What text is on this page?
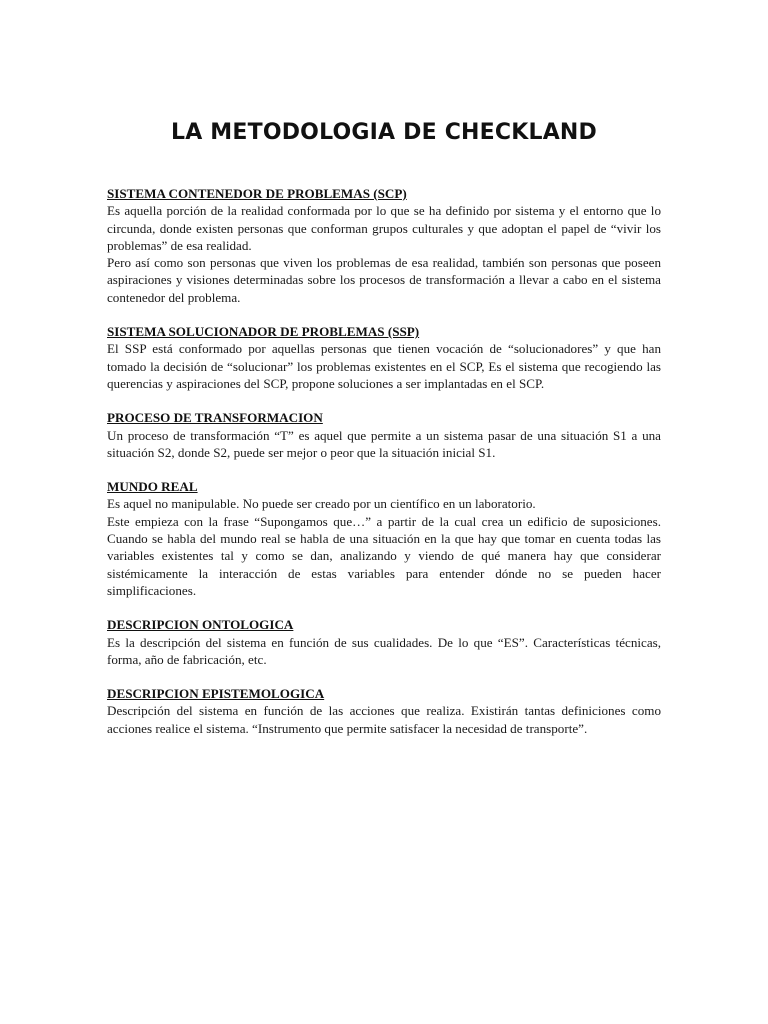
LA METODOLOGIA DE CHECKLAND
SISTEMA CONTENEDOR DE PROBLEMAS (SCP)

Es aquella porción de la realidad conformada por lo que se ha definido por sistema y el entorno que lo circunda, donde existen personas que conforman grupos culturales y que adoptan el papel de “vivir los problemas” de esa realidad.

Pero así como son personas que viven los problemas de esa realidad, también son personas que poseen aspiraciones y visiones determinadas sobre los procesos de transformación a llevar a cabo en el sistema contenedor del problema.

SISTEMA SOLUCIONADOR DE PROBLEMAS (SSP)

El SSP está conformado por aquellas personas que tienen vocación de “solucionadores” y que han tomado la decisión de “solucionar” los problemas existentes en el SCP, Es el sistema que recogiendo las querencias y aspiraciones del SCP, propone soluciones a ser implantadas en el SCP.

PROCESO DE TRANSFORMACION

Un proceso de transformación “T” es aquel que permite a un sistema pasar de una situación S1 a una situación S2, donde S2, puede ser mejor o peor que la situación inicial S1.

MUNDO REAL

Es aquel no manipulable. No puede ser creado por un científico en un laboratorio.

Este empieza con la frase “Supongamos que…” a partir de la cual crea un edificio de suposiciones. Cuando se habla del mundo real se habla de una situación en la que hay que tomar en cuenta todas las variables existentes tal y como se dan, analizando y viendo de qué manera hay que considerar sistémicamente la interacción de estas variables para entender dónde no se pueden hacer simplificaciones.

DESCRIPCION ONTOLOGICA

Es la descripción del sistema en función de sus cualidades. De lo que “ES”. Características técnicas, forma, año de fabricación, etc.

DESCRIPCION EPISTEMOLOGICA

Descripción del sistema en función de las acciones que realiza. Existirán tantas definiciones como acciones realice el sistema. “Instrumento que permite satisfacer la necesidad de transporte”.
